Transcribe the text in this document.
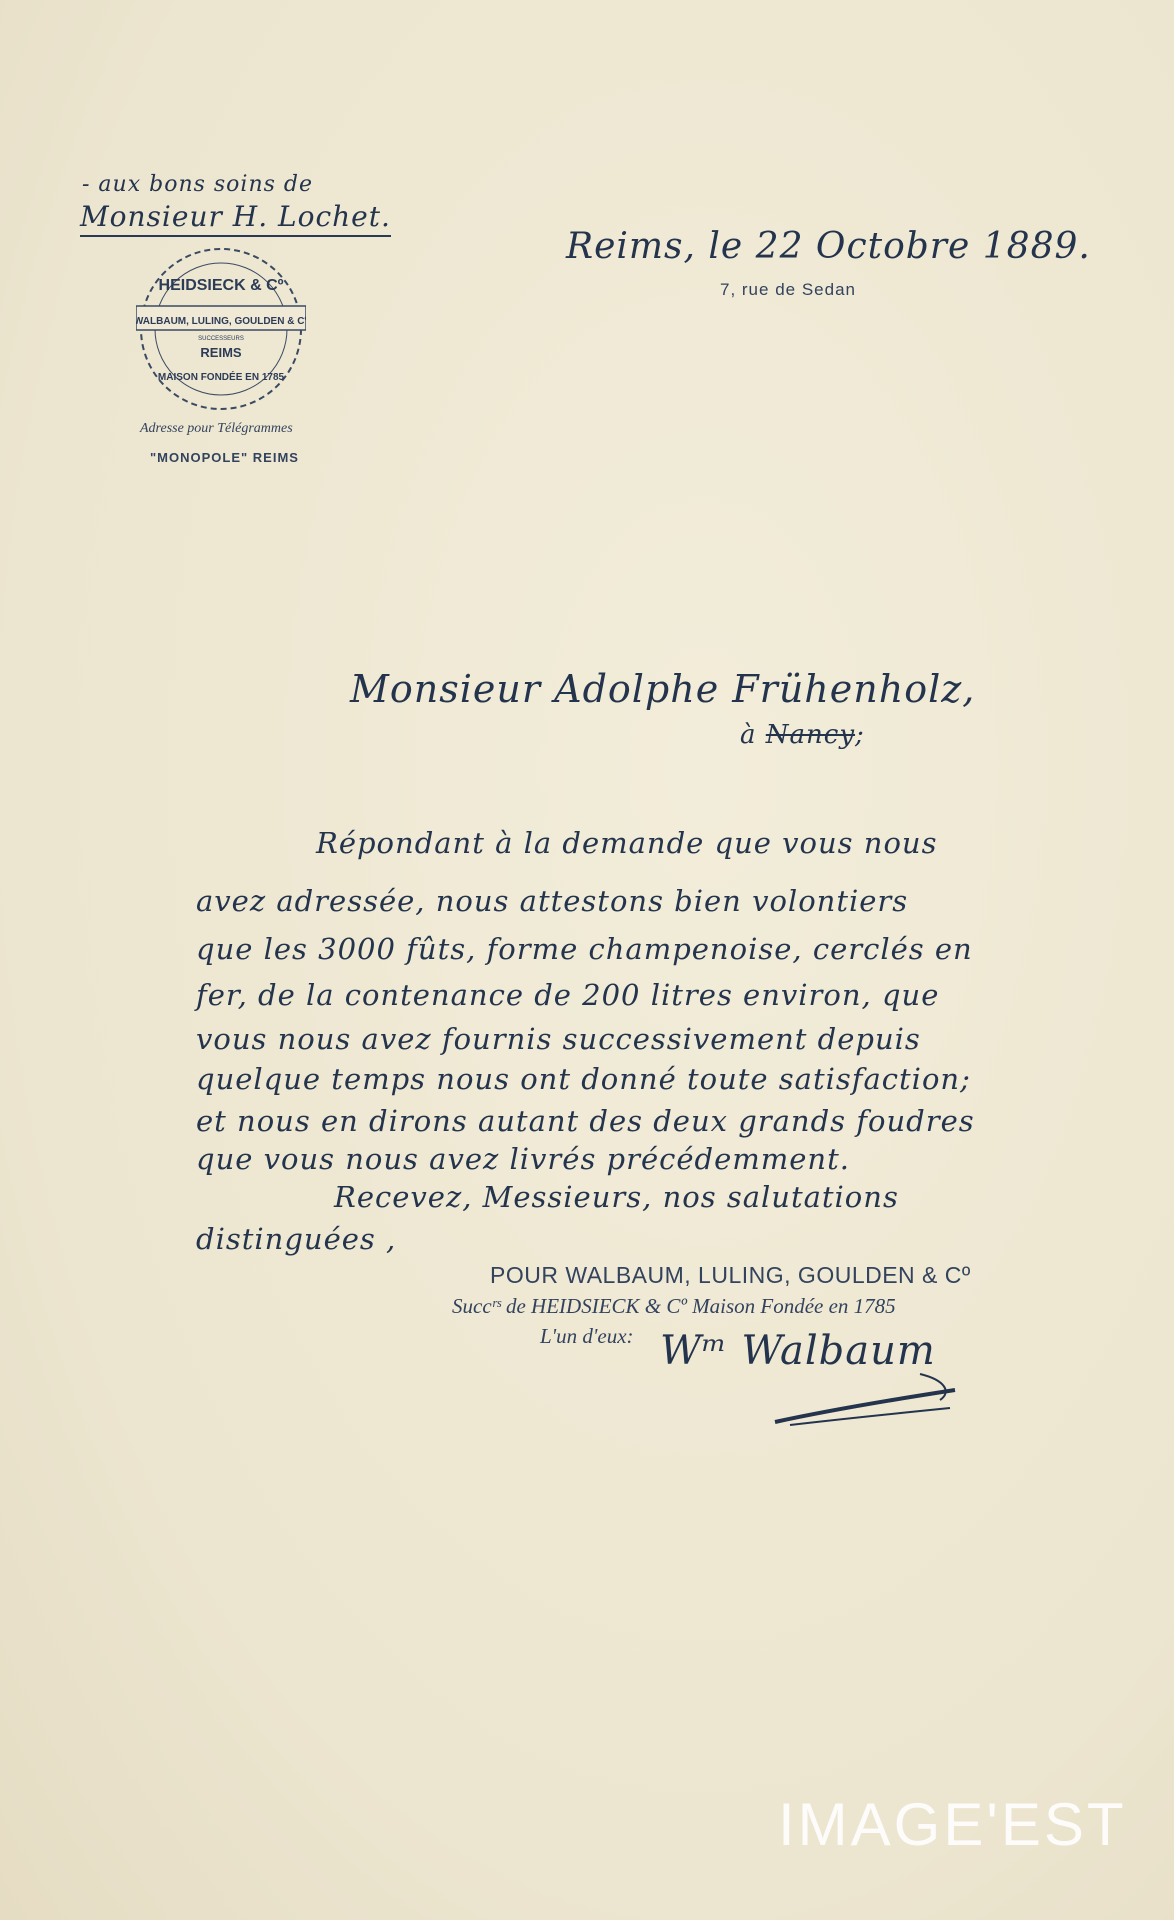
- aux bons soins de
Monsieur H. Lochet.
HEIDSIECK & Cº
WALBAUM, LULING, GOULDEN & Cº
SUCCESSEURS
REIMS
MAISON FONDÉE EN 1785
Adresse pour Télégrammes
"MONOPOLE" REIMS
Reims, le 22 Octobre 1889.
7, rue de Sedan
Monsieur Adolphe Frühenholz,
à Nancy;
Répondant à la demande que vous nous
avez adressée, nous attestons bien volontiers
que les 3000 fûts, forme champenoise, cerclés en
fer, de la contenance de 200 litres environ, que
vous nous avez fournis successivement depuis
quelque temps nous ont donné toute satisfaction;
et nous en dirons autant des deux grands foudres
que vous nous avez livrés précédemment.
Recevez, Messieurs, nos salutations
distinguées ,
POUR WALBAUM, LULING, GOULDEN & Cº
Succʳˢ de HEIDSIECK & Cº Maison Fondée en 1785
L'un d'eux: Wᵐ Walbaum
IMAGE'EST
